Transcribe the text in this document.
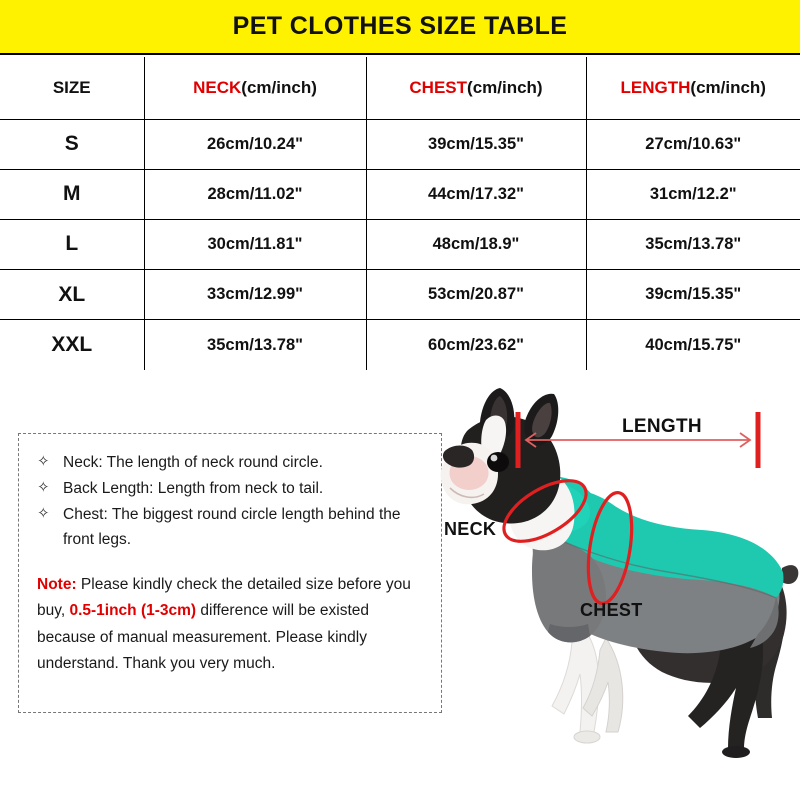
PET CLOTHES SIZE TABLE
SIZE	NECK(cm/inch)	CHEST(cm/inch)	LENGTH(cm/inch)
S	26cm/10.24"	39cm/15.35"	27cm/10.63"
M	28cm/11.02"	44cm/17.32"	31cm/12.2"
L	30cm/11.81"	48cm/18.9"	35cm/13.78"
XL	33cm/12.99"	53cm/20.87"	39cm/15.35"
XXL	35cm/13.78"	60cm/23.62"	40cm/15.75"
✧ Neck: The length of neck round circle.
✧ Back Length: Length from neck to tail.
✧ Chest: The biggest round circle length behind the front legs.

Note: Please kindly check the detailed size before you buy, 0.5-1inch (1-3cm) difference will be existed because of manual measurement. Please kindly understand. Thank you very much.

LENGTH
NECK
CHEST
